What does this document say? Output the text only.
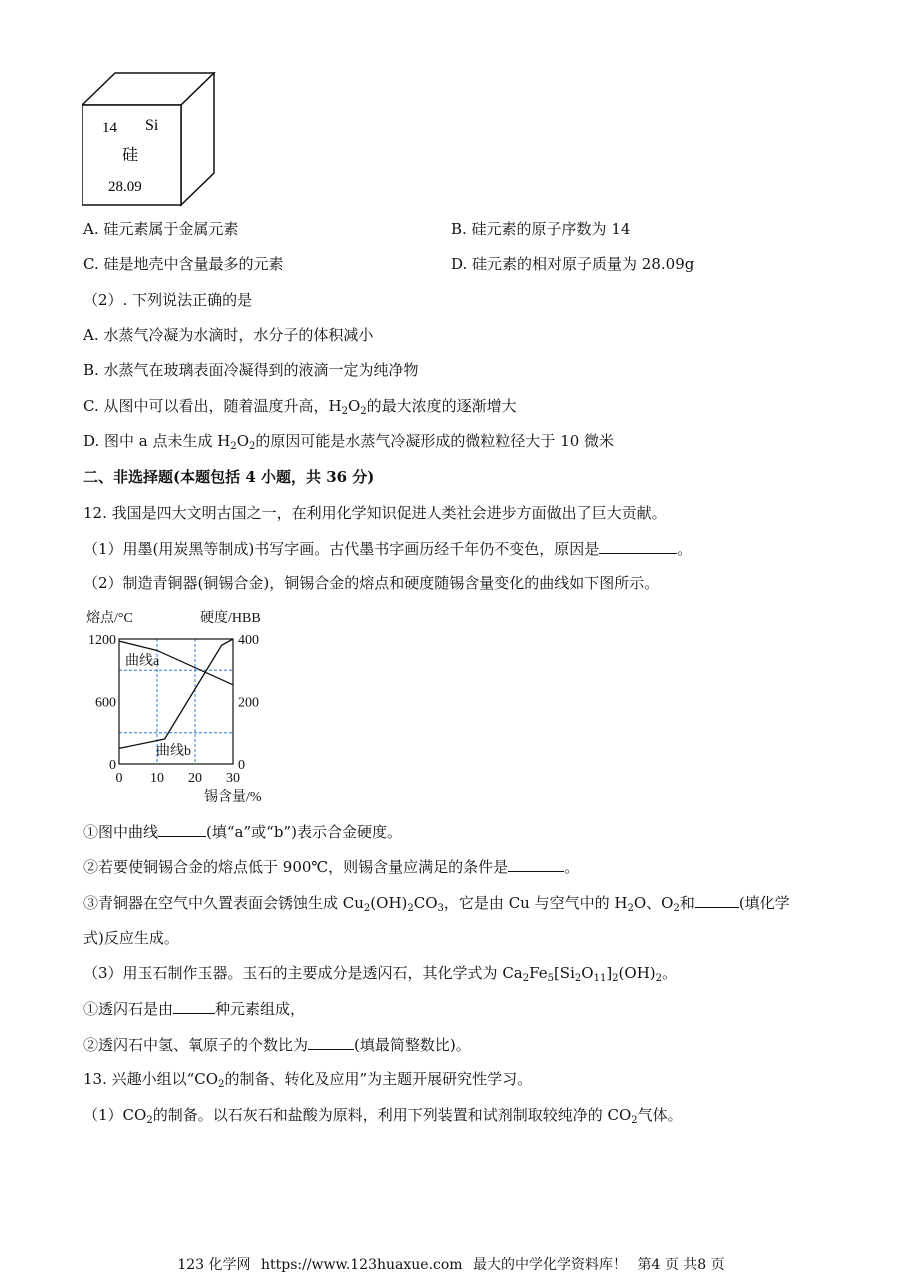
14 Si
硅
28.09
A. 硅元素属于金属元素	B. 硅元素的原子序数为 14
C. 硅是地壳中含量最多的元素	D. 硅元素的相对原子质量为 28.09g
（2）. 下列说法正确的是
A. 水蒸气冷凝为水滴时，水分子的体积减小
B. 水蒸气在玻璃表面冷凝得到的液滴一定为纯净物
C. 从图中可以看出，随着温度升高，$H_2O_2$的最大浓度的逐渐增大
D. 图中 a 点未生成 $H_2O_2$的原因可能是水蒸气冷凝形成的微粒粒径大于 10 微米
二、非选择题(本题包括 4 小题，共 36 分)
12. 我国是四大文明古国之一，在利用化学知识促进人类社会进步方面做出了巨大贡献。
（1）用墨(用炭黑等制成)书写字画。古代墨书字画历经千年仍不变色，原因是	。
（2）制造青铜器(铜锡合金)，铜锡合金的熔点和硬度随锡含量变化的曲线如下图所示。
熔点/°C	硬度/HBB
锡含量/%
1200
600
0
400
200
0
0 10 20 30
曲线a
曲线b
①图中曲线	(填“a”或“b”)表示合金硬度。
②若要使铜锡合金的熔点低于 900℃，则锡含量应满足的条件是	。
③青铜器在空气中久置表面会锈蚀生成 $Cu_2(OH)_2CO_3$，它是由 Cu 与空气中的 $H_2O$、$O_2$和	(填化学
式)反应生成。
（3）用玉石制作玉器。玉石的主要成分是透闪石，其化学式为 $Ca_2Fe_5[Si_2O_{11}]_2(OH)_2$。
①透闪石是由	种元素组成，
②透闪石中氢、氧原子的个数比为	(填最简整数比)。
13. 兴趣小组以“$CO_2$的制备、转化及应用”为主题开展研究性学习。
$(1)CO_2$的制备。以石灰石和盐酸为原料，利用下列装置和试剂制取较纯净的 $CO_2$气体。
123 化学网 https://www.123huaxue.com 最大的中学化学资料库！ 第4 页 共8 页
